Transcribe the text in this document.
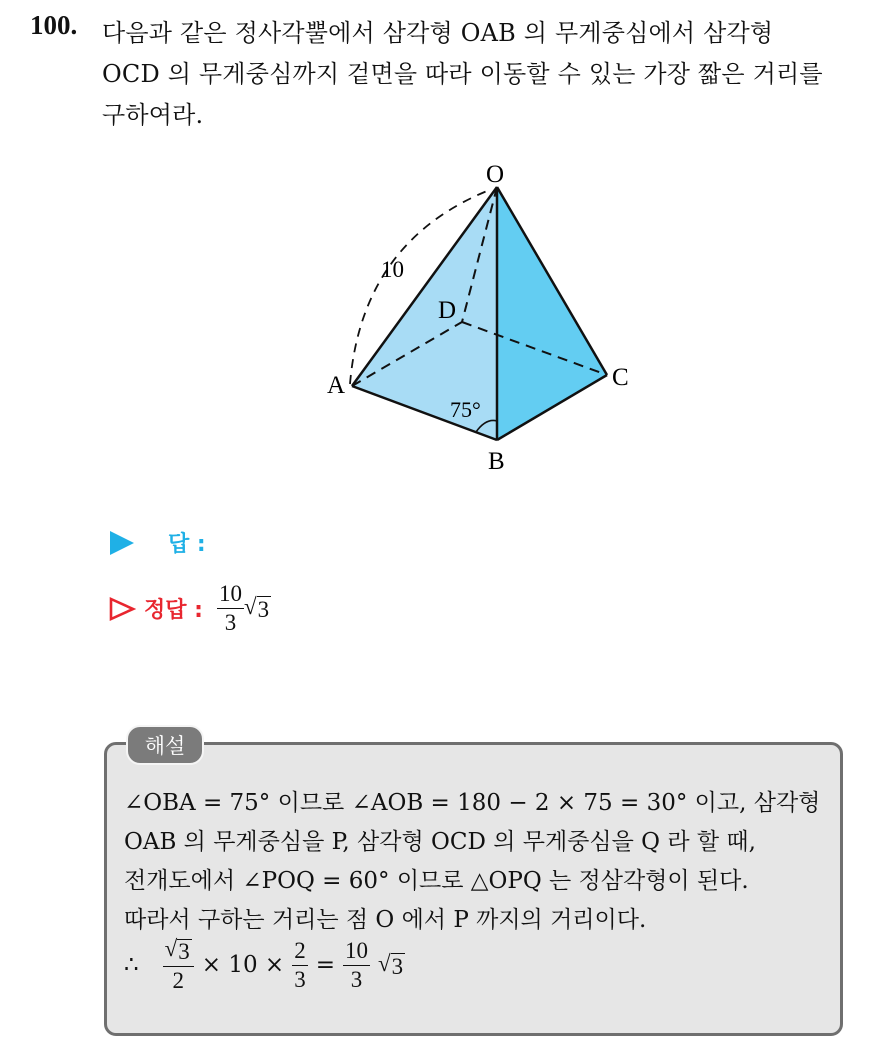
100. 다음과 같은 정사각뿔에서 삼각형 OAB 의 무게중심에서 삼각형
OCD 의 무게중심까지 겉면을 따라 이동할 수 있는 가장 짧은 거리를
구하여라.
O
A
B
C
D
10
75°
답 :
정답 : $\frac{10}{3}$ √ 3
해설
∠OBA = 75° 이므로 ∠AOB = 180 − 2 × 75 = 30° 이고, 삼각형
OAB 의 무게중심을 P, 삼각형 OCD 의 무게중심을 Q 라 할 때,
전개도에서 ∠POQ = 60° 이므로 △OPQ 는 정삼각형이 된다.
따라서 구하는 거리는 점 O 에서 P 까지의 거리이다.
∴ $\frac{√ 3}{2} \times 10 \times \frac{2}{3} = \frac{10}{3}$ √ 3
